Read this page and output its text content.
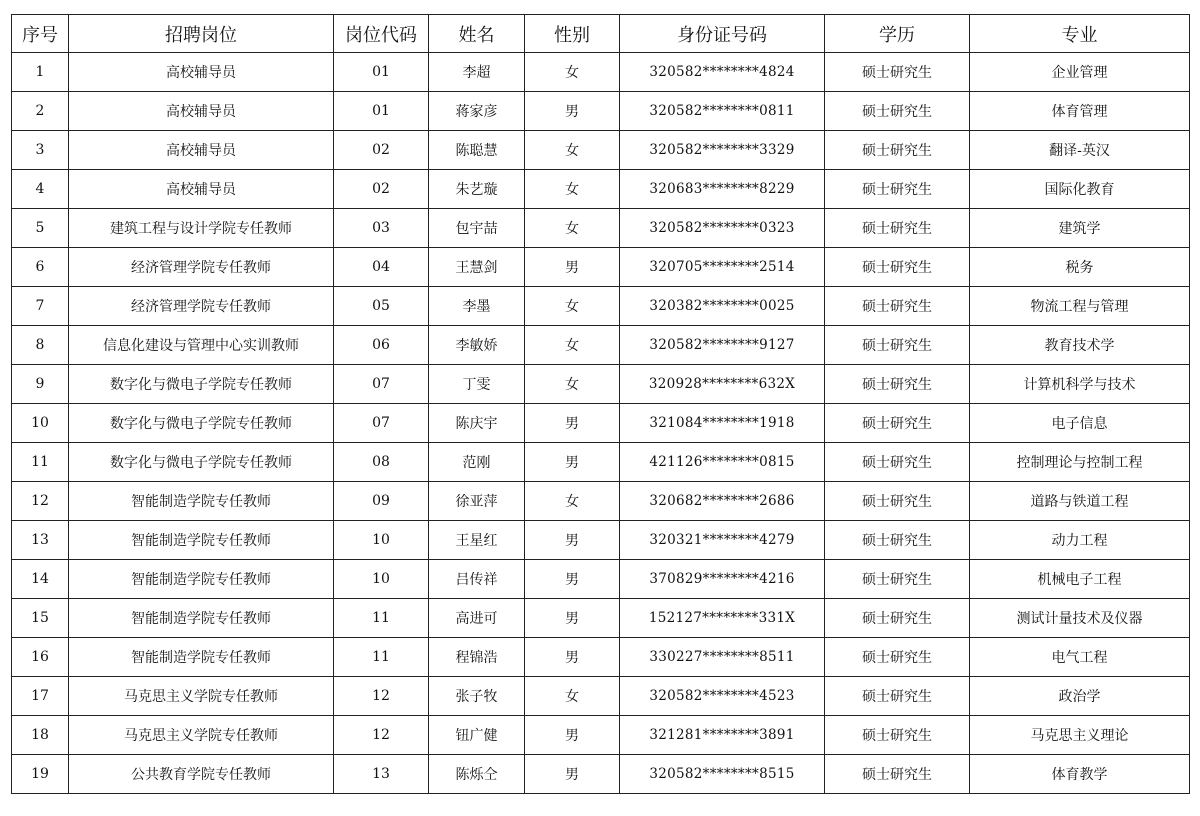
序号	招聘岗位	岗位代码	姓名	性别	身份证号码	学历	专业
1	高校辅导员	01	李超	女	320582********4824	硕士研究生	企业管理
2	高校辅导员	01	蒋家彦	男	320582********0811	硕士研究生	体育管理
3	高校辅导员	02	陈聪慧	女	320582********3329	硕士研究生	翻译-英汉
4	高校辅导员	02	朱艺璇	女	320683********8229	硕士研究生	国际化教育
5	建筑工程与设计学院专任教师	03	包宇喆	女	320582********0323	硕士研究生	建筑学
6	经济管理学院专任教师	04	王慧剑	男	320705********2514	硕士研究生	税务
7	经济管理学院专任教师	05	李墨	女	320382********0025	硕士研究生	物流工程与管理
8	信息化建设与管理中心实训教师	06	李敏娇	女	320582********9127	硕士研究生	教育技术学
9	数字化与微电子学院专任教师	07	丁雯	女	320928********632X	硕士研究生	计算机科学与技术
10	数字化与微电子学院专任教师	07	陈庆宇	男	321084********1918	硕士研究生	电子信息
11	数字化与微电子学院专任教师	08	范刚	男	421126********0815	硕士研究生	控制理论与控制工程
12	智能制造学院专任教师	09	徐亚萍	女	320682********2686	硕士研究生	道路与铁道工程
13	智能制造学院专任教师	10	王星红	男	320321********4279	硕士研究生	动力工程
14	智能制造学院专任教师	10	吕传祥	男	370829********4216	硕士研究生	机械电子工程
15	智能制造学院专任教师	11	高进可	男	152127********331X	硕士研究生	测试计量技术及仪器
16	智能制造学院专任教师	11	程锦浩	男	330227********8511	硕士研究生	电气工程
17	马克思主义学院专任教师	12	张子牧	女	320582********4523	硕士研究生	政治学
18	马克思主义学院专任教师	12	钮广健	男	321281********3891	硕士研究生	马克思主义理论
19	公共教育学院专任教师	13	陈烁仝	男	320582********8515	硕士研究生	体育教学
